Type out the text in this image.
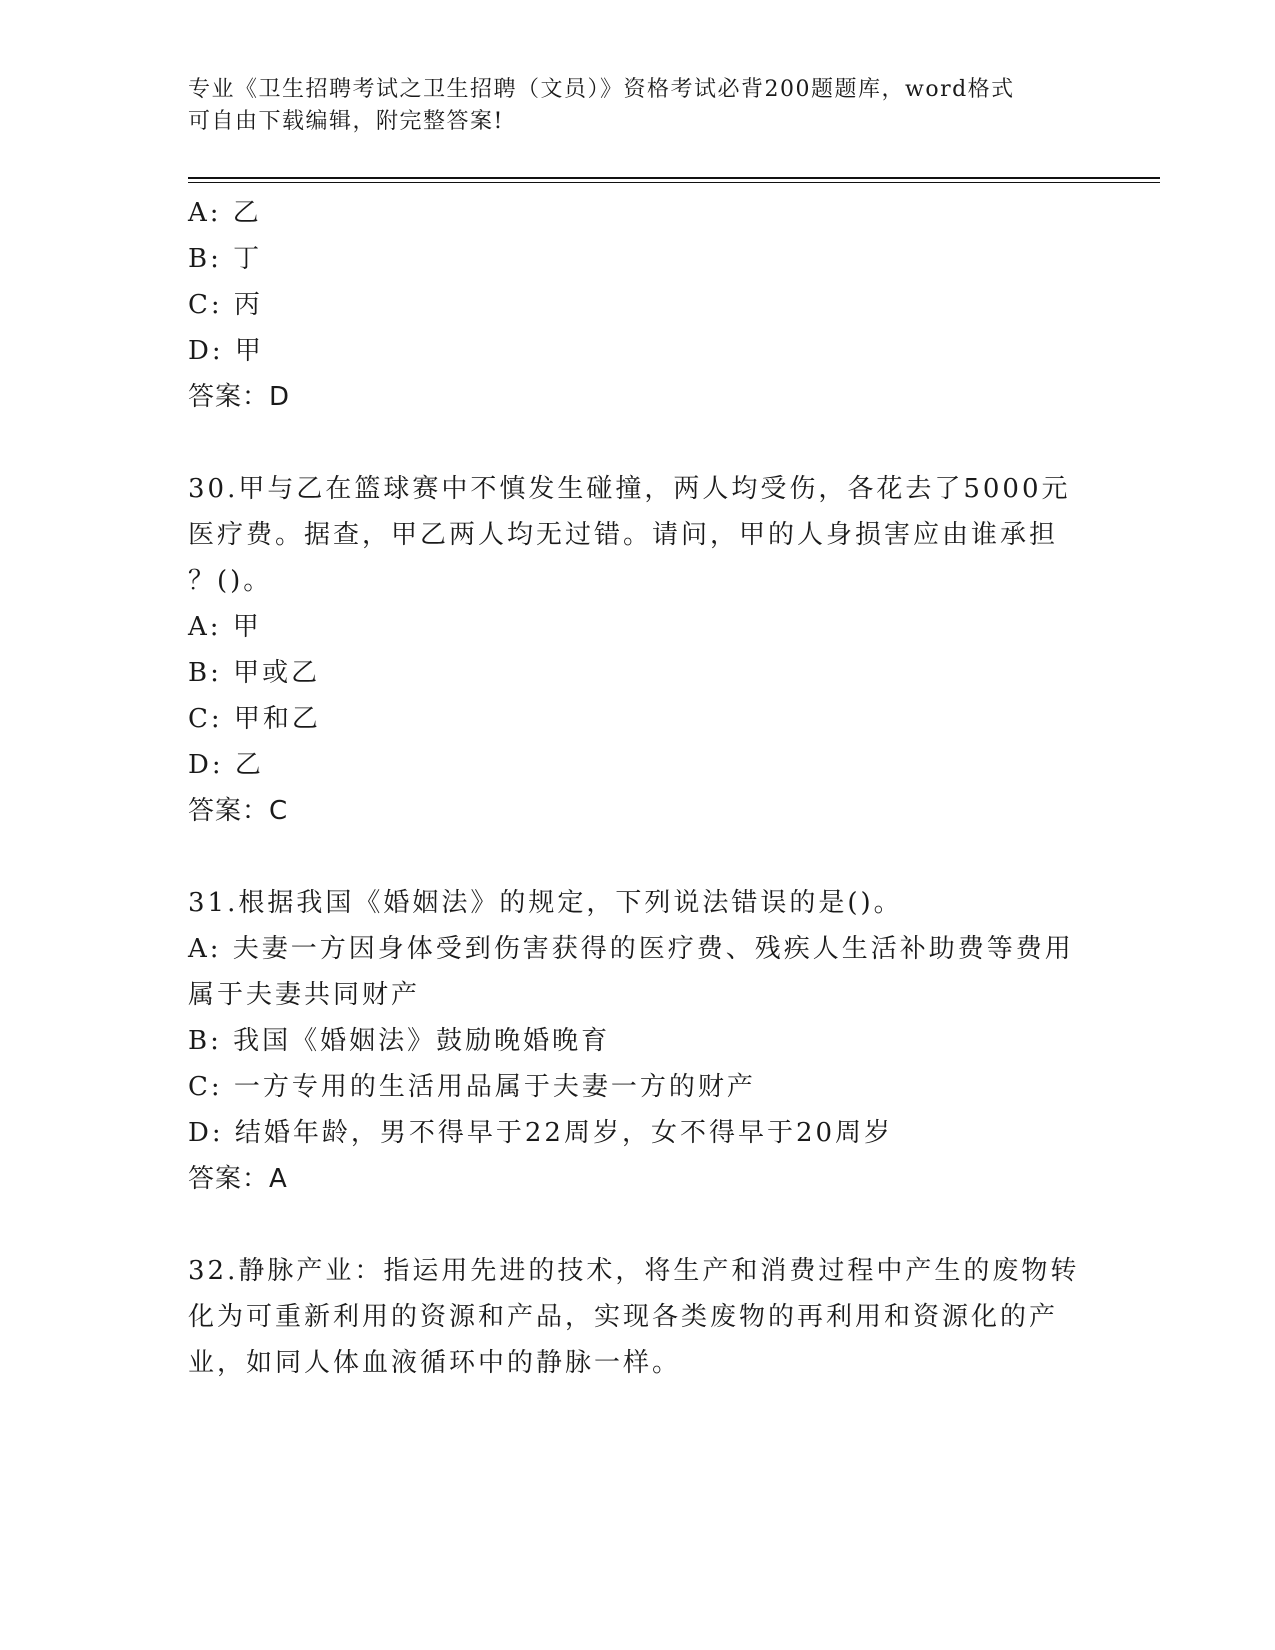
专业《卫生招聘考试之卫生招聘（文员）》资格考试必背200题题库，word格式
可自由下载编辑，附完整答案!
A: 乙
B: 丁
C: 丙
D: 甲
答案：D
30.甲与乙在篮球赛中不慎发生碰撞，两人均受伤，各花去了5000元
医疗费。据查，甲乙两人均无过错。请问，甲的人身损害应由谁承担
？()。
A: 甲
B: 甲或乙
C: 甲和乙
D: 乙
答案：C
31.根据我国《婚姻法》的规定，下列说法错误的是()。
A: 夫妻一方因身体受到伤害获得的医疗费、残疾人生活补助费等费用
属于夫妻共同财产
B: 我国《婚姻法》鼓励晚婚晚育
C: 一方专用的生活用品属于夫妻一方的财产
D: 结婚年龄，男不得早于22周岁，女不得早于20周岁
答案：A
32.静脉产业：指运用先进的技术，将生产和消费过程中产生的废物转
化为可重新利用的资源和产品，实现各类废物的再利用和资源化的产
业，如同人体血液循环中的静脉一样。
